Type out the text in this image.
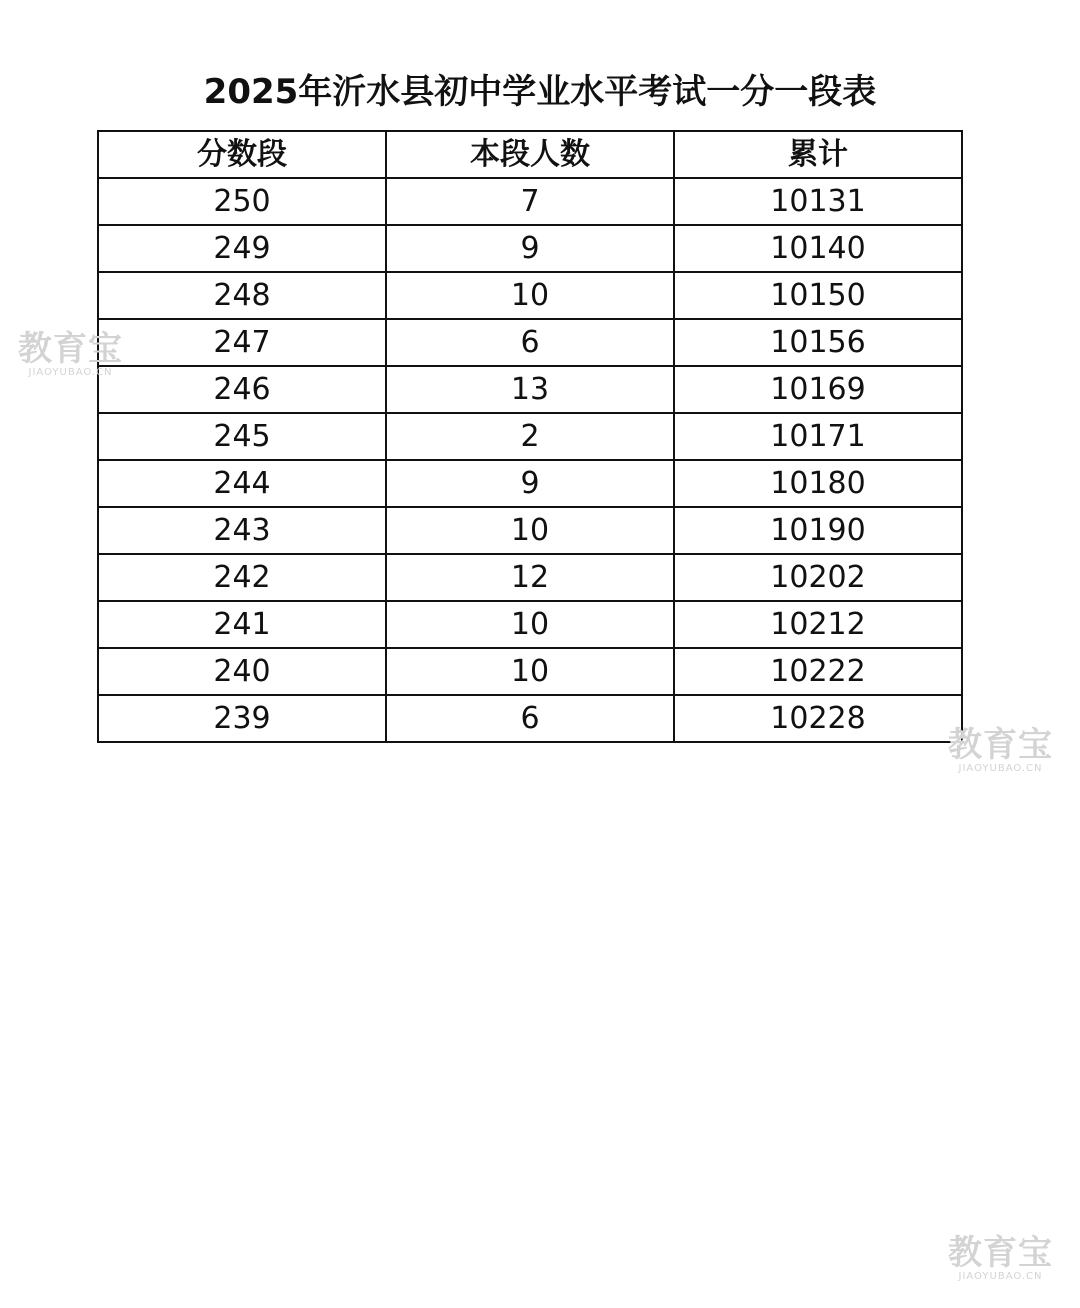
2025年沂水县初中学业水平考试一分一段表
分数段	本段人数	累计
250	7	10131
249	9	10140
248	10	10150
247	6	10156
246	13	10169
245	2	10171
244	9	10180
243	10	10190
242	12	10202
241	10	10212
240	10	10222
239	6	10228
教育宝
JIAOYUBAO.CN
教育宝
JIAOYUBAO.CN
教育宝
JIAOYUBAO.CN
